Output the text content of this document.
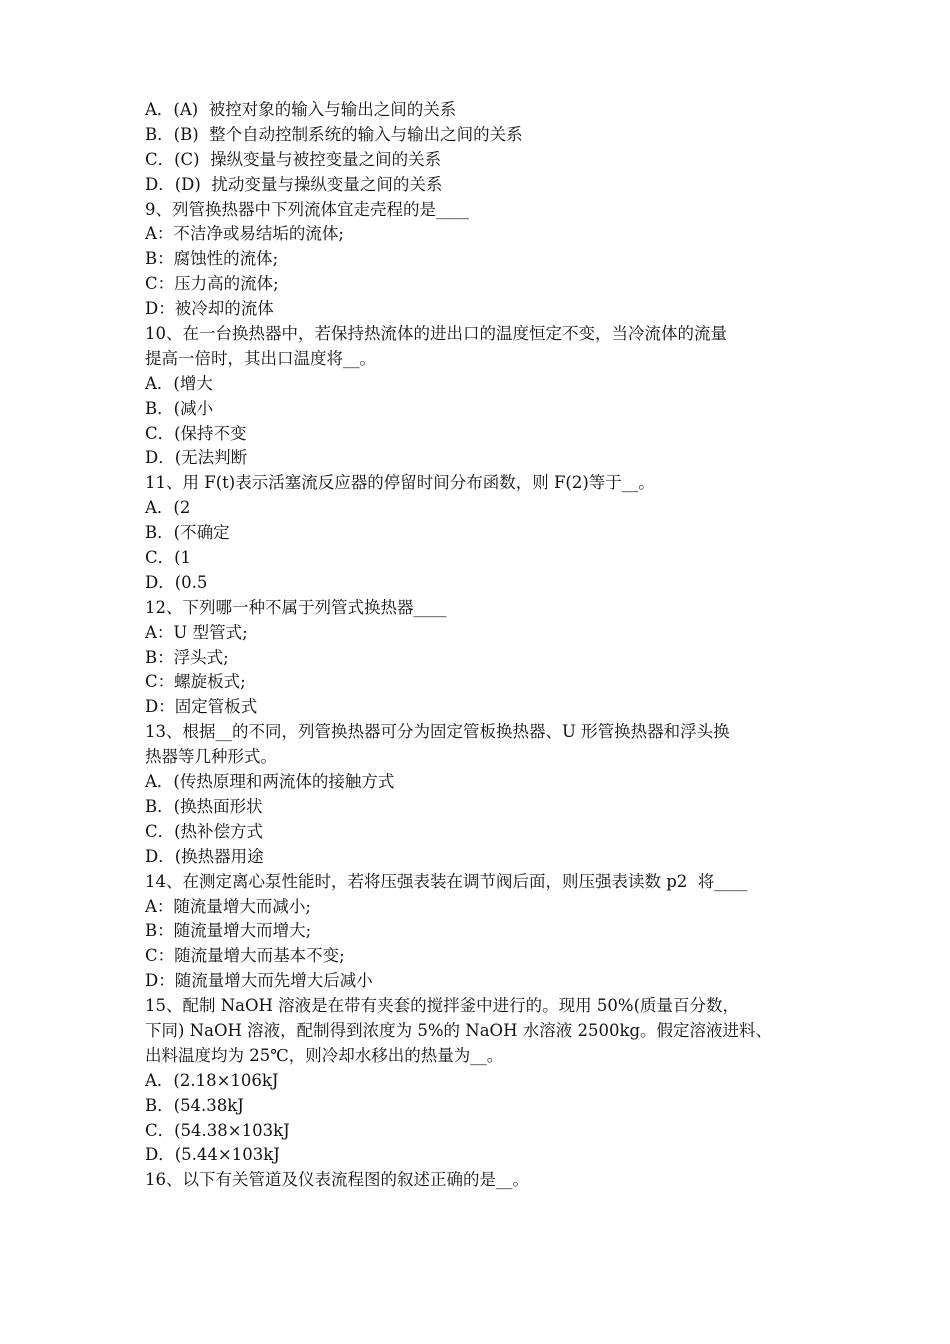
A．(A)  被控对象的输入与输出之间的关系
B．(B)  整个自动控制系统的输入与输出之间的关系
C．(C)  操纵变量与被控变量之间的关系
D．(D)  扰动变量与操纵变量之间的关系
9、列管换热器中下列流体宜走壳程的是____
A：不洁净或易结垢的流体;
B：腐蚀性的流体;
C：压力高的流体;
D：被冷却的流体
10、在一台换热器中，若保持热流体的进出口的温度恒定不变，当冷流体的流量
提高一倍时，其出口温度将__。
A．(增大
B．(减小
C．(保持不变
D．(无法判断
11、用 F(t)表示活塞流反应器的停留时间分布函数，则 F(2)等于__。
A．(2
B．(不确定
C．(1
D．(0.5
12、下列哪一种不属于列管式换热器____
A：U 型管式;
B：浮头式;
C：螺旋板式;
D：固定管板式
13、根据__的不同，列管换热器可分为固定管板换热器、U 形管换热器和浮头换
热器等几种形式。
A．(传热原理和两流体的接触方式
B．(换热面形状
C．(热补偿方式
D．(换热器用途
14、在测定离心泵性能时，若将压强表装在调节阀后面，则压强表读数 p2  将____
A：随流量增大而减小;
B：随流量增大而增大;
C：随流量增大而基本不变;
D：随流量增大而先增大后减小
15、配制 NaOH 溶液是在带有夹套的搅拌釜中进行的。现用 50%(质量百分数，
下同) NaOH 溶液，配制得到浓度为 5%的 NaOH 水溶液 2500kg。假定溶液进料、
出料温度均为 25℃，则冷却水移出的热量为__。
A．(2.18×106kJ
B．(54.38kJ
C．(54.38×103kJ
D．(5.44×103kJ
16、以下有关管道及仪表流程图的叙述正确的是__。
